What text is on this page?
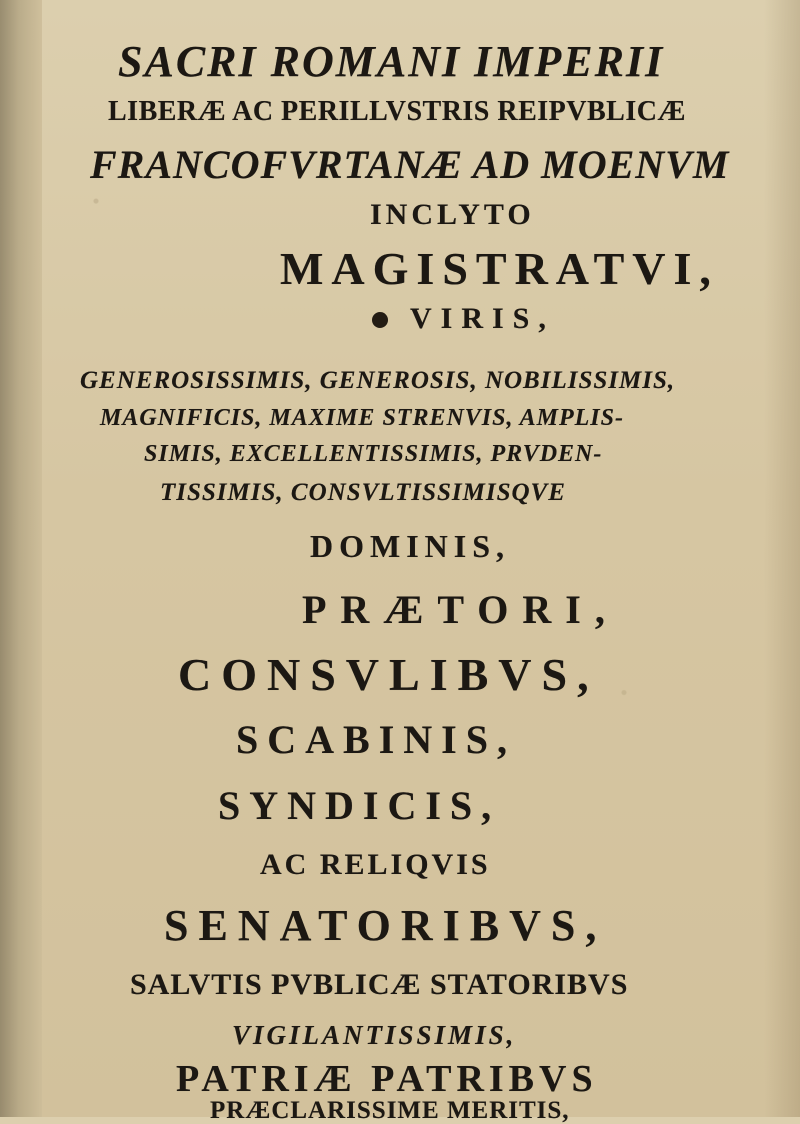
SACRI ROMANI IMPERII
LIBERÆ AC PERILLVSTRIS REIPVBLICÆ
FRANCOFVRTANÆ AD MOENVM
INCLYTO
MAGISTRATVI,
VIRIS,
GENEROSISSIMIS, GENEROSIS, NOBILISSIMIS,
MAGNIFICIS, MAXIME STRENVIS, AMPLIS-
SIMIS, EXCELLENTISSIMIS, PRVDEN-
TISSIMIS, CONSVLTISSIMISQVE
DOMINIS,
PRÆTORI,
CONSVLIBVS,
SCABINIS,
SYNDICIS,
AC RELIQVIS
SENATORIBVS,
SALVTIS PVBLICÆ STATORIBVS
VIGILANTISSIMIS,
PATRIÆ PATRIBVS
PRÆCLARISSIME MERITIS,
